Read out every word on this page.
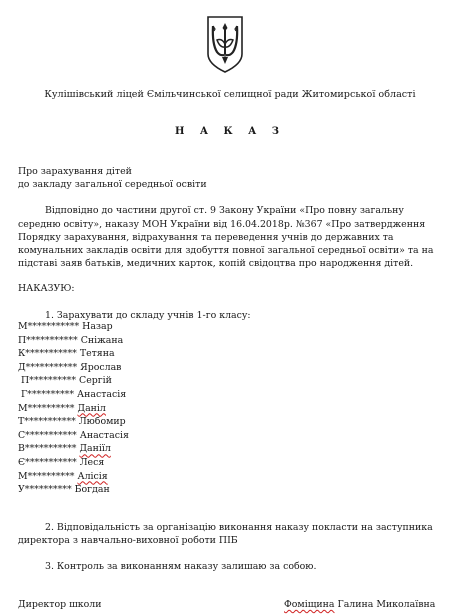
Кулішівський ліцей Ємільчинської селищної ради Житомирської області
Н А К А З
Про зарахування дітей
до закладу загальної середньої освіти
Відповідно до частини другої ст. 9 Закону України «Про повну загальну
середню освіту», наказу МОН України від 16.04.2018р. №367 «Про затвердження
Порядку зарахування, відрахування та переведення учнів до державних та
комунальних закладів освіти для здобуття повної загальної середньої освіти» та на
підставі заяв батьків, медичних карток, копій свідоцтва про народження дітей.
НАКАЗУЮ:
1. Зарахувати до складу учнів 1-го класу:
М*********** Назар
П*********** Сніжана
К*********** Тетяна
Д*********** Ярослав
П********** Сергій
Г********** Анастасія
М********** Даніл
Т*********** Любомир
С*********** Анастасія
В*********** Даніїл
Є*********** Леся
М********** Алісія
У********** Богдан
2. Відповідальність за організацію виконання наказу покласти на заступника
директора з навчально-виховної роботи ПІБ
3. Контроль за виконанням наказу залишаю за собою.
Директор школи	Фоміщина Галина Миколаївна
